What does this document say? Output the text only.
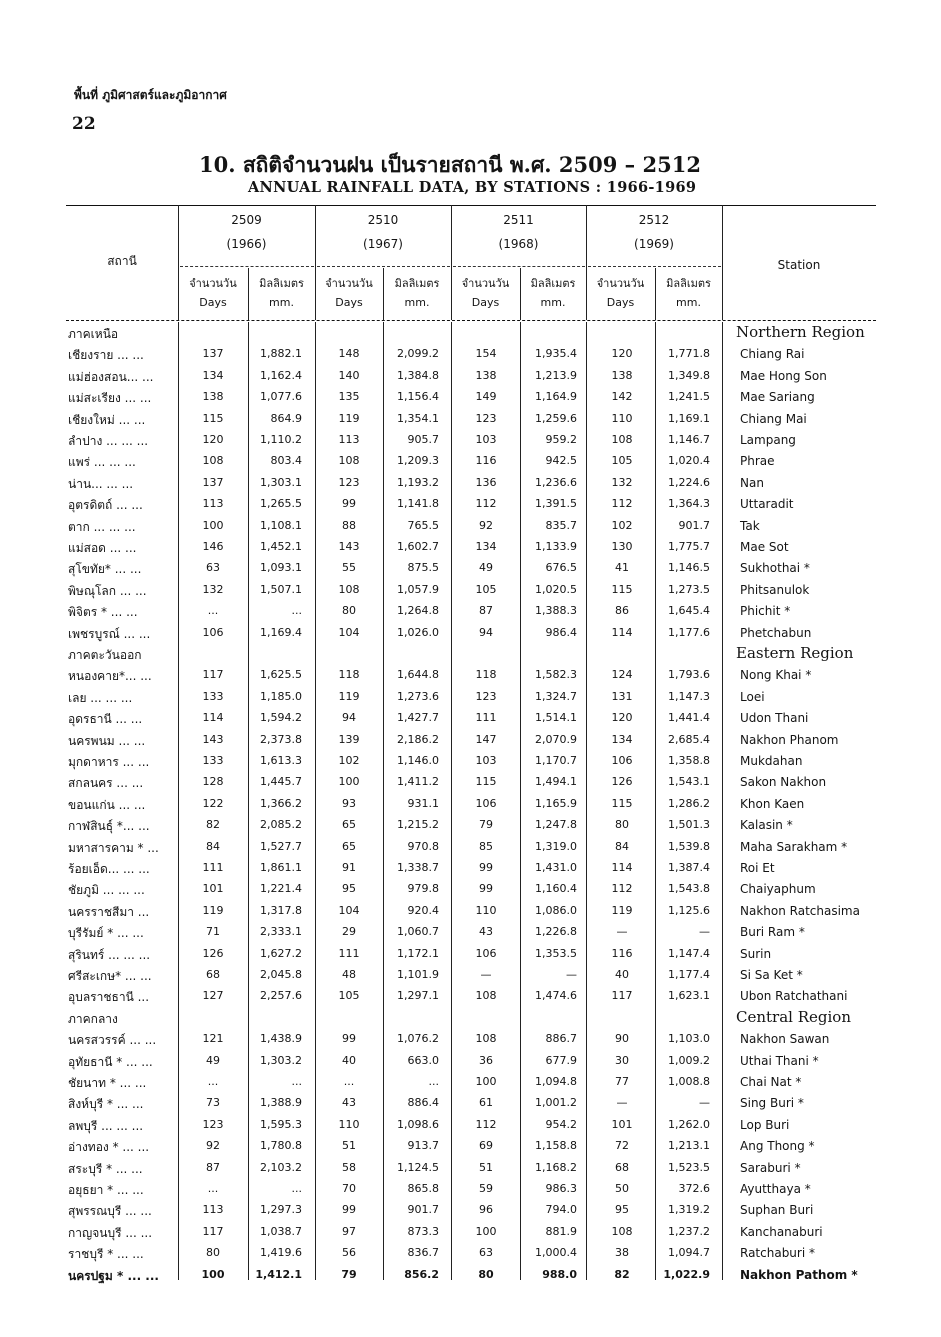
พื้นที่ ภูมิศาสตร์และภูมิอากาศ
22
10. สถิติจำนวนฝน เป็นรายสถานี พ.ศ. 2509 – 2512
ANNUAL RAINFALL DATA, BY STATIONS : 1966-1969
สถานี	Station
2509
(1966)
2510
(1967)
2511
(1968)
2512
(1969)
จำนวนวัน
Days
มิลลิเมตร
mm.
จำนวนวัน
Days
มิลลิเมตร
mm.
จำนวนวัน
Days
มิลลิเมตร
mm.
จำนวนวัน
Days
มิลลิเมตร
mm.
ภาคเหนือ	Northern Region
เชียงราย ... ...	137	1,882.1	148	2,099.2	154	1,935.4	120	1,771.8	Chiang Rai
แม่ฮ่องสอน... ...	134	1,162.4	140	1,384.8	138	1,213.9	138	1,349.8	Mae Hong Son
แม่สะเรียง ... ...	138	1,077.6	135	1,156.4	149	1,164.9	142	1,241.5	Mae Sariang
เชียงใหม่ ... ...	115	864.9	119	1,354.1	123	1,259.6	110	1,169.1	Chiang Mai
ลำปาง ... ... ...	120	1,110.2	113	905.7	103	959.2	108	1,146.7	Lampang
แพร่ ... ... ...	108	803.4	108	1,209.3	116	942.5	105	1,020.4	Phrae
น่าน... ... ...	137	1,303.1	123	1,193.2	136	1,236.6	132	1,224.6	Nan
อุตรดิตถ์ ... ...	113	1,265.5	99	1,141.8	112	1,391.5	112	1,364.3	Uttaradit
ตาก ... ... ...	100	1,108.1	88	765.5	92	835.7	102	901.7	Tak
แม่สอด ... ...	146	1,452.1	143	1,602.7	134	1,133.9	130	1,775.7	Mae Sot
สุโขทัย* ... ...	63	1,093.1	55	875.5	49	676.5	41	1,146.5	Sukhothai *
พิษณุโลก ... ...	132	1,507.1	108	1,057.9	105	1,020.5	115	1,273.5	Phitsanulok
พิจิตร * ... ...	...	...	80	1,264.8	87	1,388.3	86	1,645.4	Phichit *
เพชรบูรณ์ ... ...	106	1,169.4	104	1,026.0	94	986.4	114	1,177.6	Phetchabun
ภาคตะวันออก	Eastern Region
หนองคาย*... ...	117	1,625.5	118	1,644.8	118	1,582.3	124	1,793.6	Nong Khai *
เลย ... ... ...	133	1,185.0	119	1,273.6	123	1,324.7	131	1,147.3	Loei
อุดรธานี ... ...	114	1,594.2	94	1,427.7	111	1,514.1	120	1,441.4	Udon Thani
นครพนม ... ...	143	2,373.8	139	2,186.2	147	2,070.9	134	2,685.4	Nakhon Phanom
มุกดาหาร ... ...	133	1,613.3	102	1,146.0	103	1,170.7	106	1,358.8	Mukdahan
สกลนคร ... ...	128	1,445.7	100	1,411.2	115	1,494.1	126	1,543.1	Sakon Nakhon
ขอนแก่น ... ...	122	1,366.2	93	931.1	106	1,165.9	115	1,286.2	Khon Kaen
กาฬสินธุ์ *... ...	82	2,085.2	65	1,215.2	79	1,247.8	80	1,501.3	Kalasin *
มหาสารคาม * ...	84	1,527.7	65	970.8	85	1,319.0	84	1,539.8	Maha Sarakham *
ร้อยเอ็ด... ... ...	111	1,861.1	91	1,338.7	99	1,431.0	114	1,387.4	Roi Et
ชัยภูมิ ... ... ...	101	1,221.4	95	979.8	99	1,160.4	112	1,543.8	Chaiyaphum
นครราชสีมา ...	119	1,317.8	104	920.4	110	1,086.0	119	1,125.6	Nakhon Ratchasima
บุรีรัมย์ * ... ...	71	2,333.1	29	1,060.7	43	1,226.8	—	—	Buri Ram *
สุรินทร์ ... ... ...	126	1,627.2	111	1,172.1	106	1,353.5	116	1,147.4	Surin
ศรีสะเกษ* ... ...	68	2,045.8	48	1,101.9	—	—	40	1,177.4	Si Sa Ket *
อุบลราชธานี ...	127	2,257.6	105	1,297.1	108	1,474.6	117	1,623.1	Ubon Ratchathani
ภาคกลาง	Central Region
นครสวรรค์ ... ...	121	1,438.9	99	1,076.2	108	886.7	90	1,103.0	Nakhon Sawan
อุทัยธานี * ... ...	49	1,303.2	40	663.0	36	677.9	30	1,009.2	Uthai Thani *
ชัยนาท * ... ...	...	...	...	...	100	1,094.8	77	1,008.8	Chai Nat *
สิงห์บุรี * ... ...	73	1,388.9	43	886.4	61	1,001.2	—	—	Sing Buri *
ลพบุรี ... ... ...	123	1,595.3	110	1,098.6	112	954.2	101	1,262.0	Lop Buri
อ่างทอง * ... ...	92	1,780.8	51	913.7	69	1,158.8	72	1,213.1	Ang Thong *
สระบุรี * ... ...	87	2,103.2	58	1,124.5	51	1,168.2	68	1,523.5	Saraburi *
อยุธยา * ... ...	...	...	70	865.8	59	986.3	50	372.6	Ayutthaya *
สุพรรณบุรี ... ...	113	1,297.3	99	901.7	96	794.0	95	1,319.2	Suphan Buri
กาญจนบุรี ... ...	117	1,038.7	97	873.3	100	881.9	108	1,237.2	Kanchanaburi
ราชบุรี * ... ...	80	1,419.6	56	836.7	63	1,000.4	38	1,094.7	Ratchaburi *
นครปฐม * ... ...	100	1,412.1	79	856.2	80	988.0	82	1,022.9	Nakhon Pathom *
